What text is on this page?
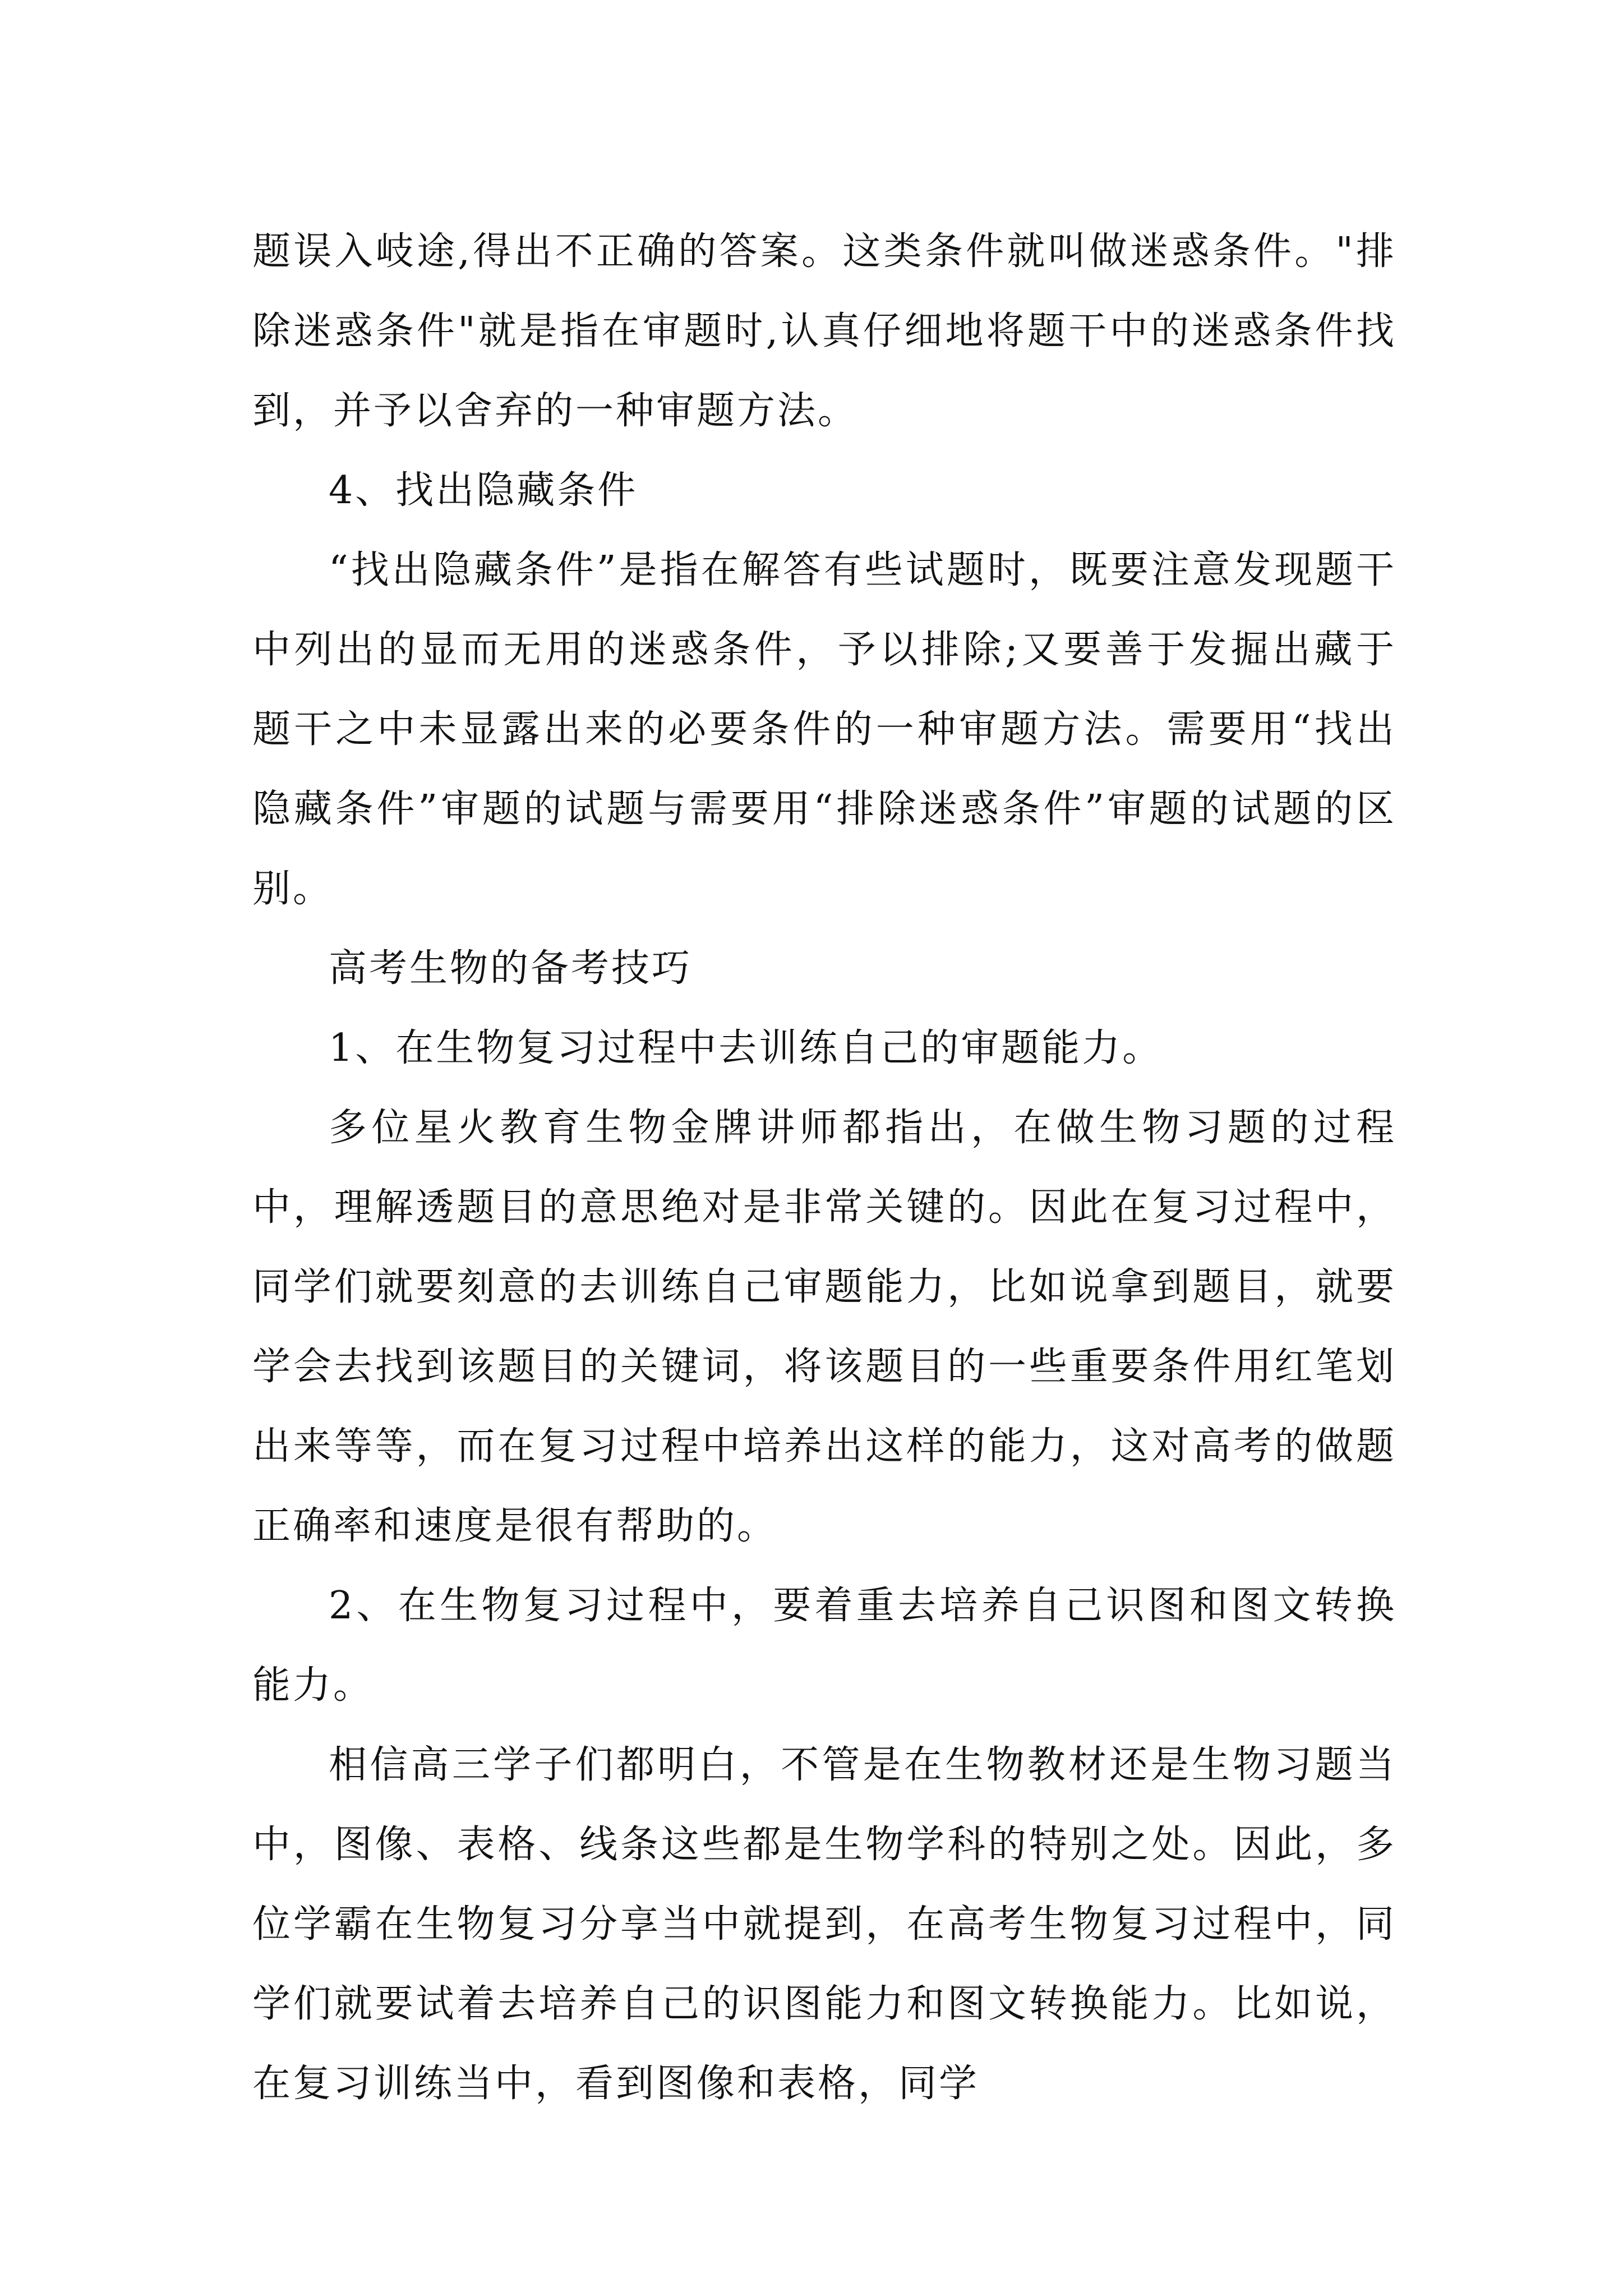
题误入岐途,得出不正确的答案。这类条件就叫做迷惑条件。"排除迷惑条件"就是指在审题时,认真仔细地将题干中的迷惑条件找到，并予以舍弃的一种审题方法。

4、找出隐藏条件

“找出隐藏条件”是指在解答有些试题时，既要注意发现题干中列出的显而无用的迷惑条件，予以排除;又要善于发掘出藏于题干之中未显露出来的必要条件的一种审题方法。需要用“找出隐藏条件”审题的试题与需要用“排除迷惑条件”审题的试题的区别。

高考生物的备考技巧

1、在生物复习过程中去训练自己的审题能力。

多位星火教育生物金牌讲师都指出，在做生物习题的过程中，理解透题目的意思绝对是非常关键的。因此在复习过程中，同学们就要刻意的去训练自己审题能力，比如说拿到题目，就要学会去找到该题目的关键词，将该题目的一些重要条件用红笔划出来等等，而在复习过程中培养出这样的能力，这对高考的做题正确率和速度是很有帮助的。

2、在生物复习过程中，要着重去培养自己识图和图文转换能力。

相信高三学子们都明白，不管是在生物教材还是生物习题当中，图像、表格、线条这些都是生物学科的特别之处。因此，多位学霸在生物复习分享当中就提到，在高考生物复习过程中，同学们就要试着去培养自己的识图能力和图文转换能力。比如说，在复习训练当中，看到图像和表格，同学
